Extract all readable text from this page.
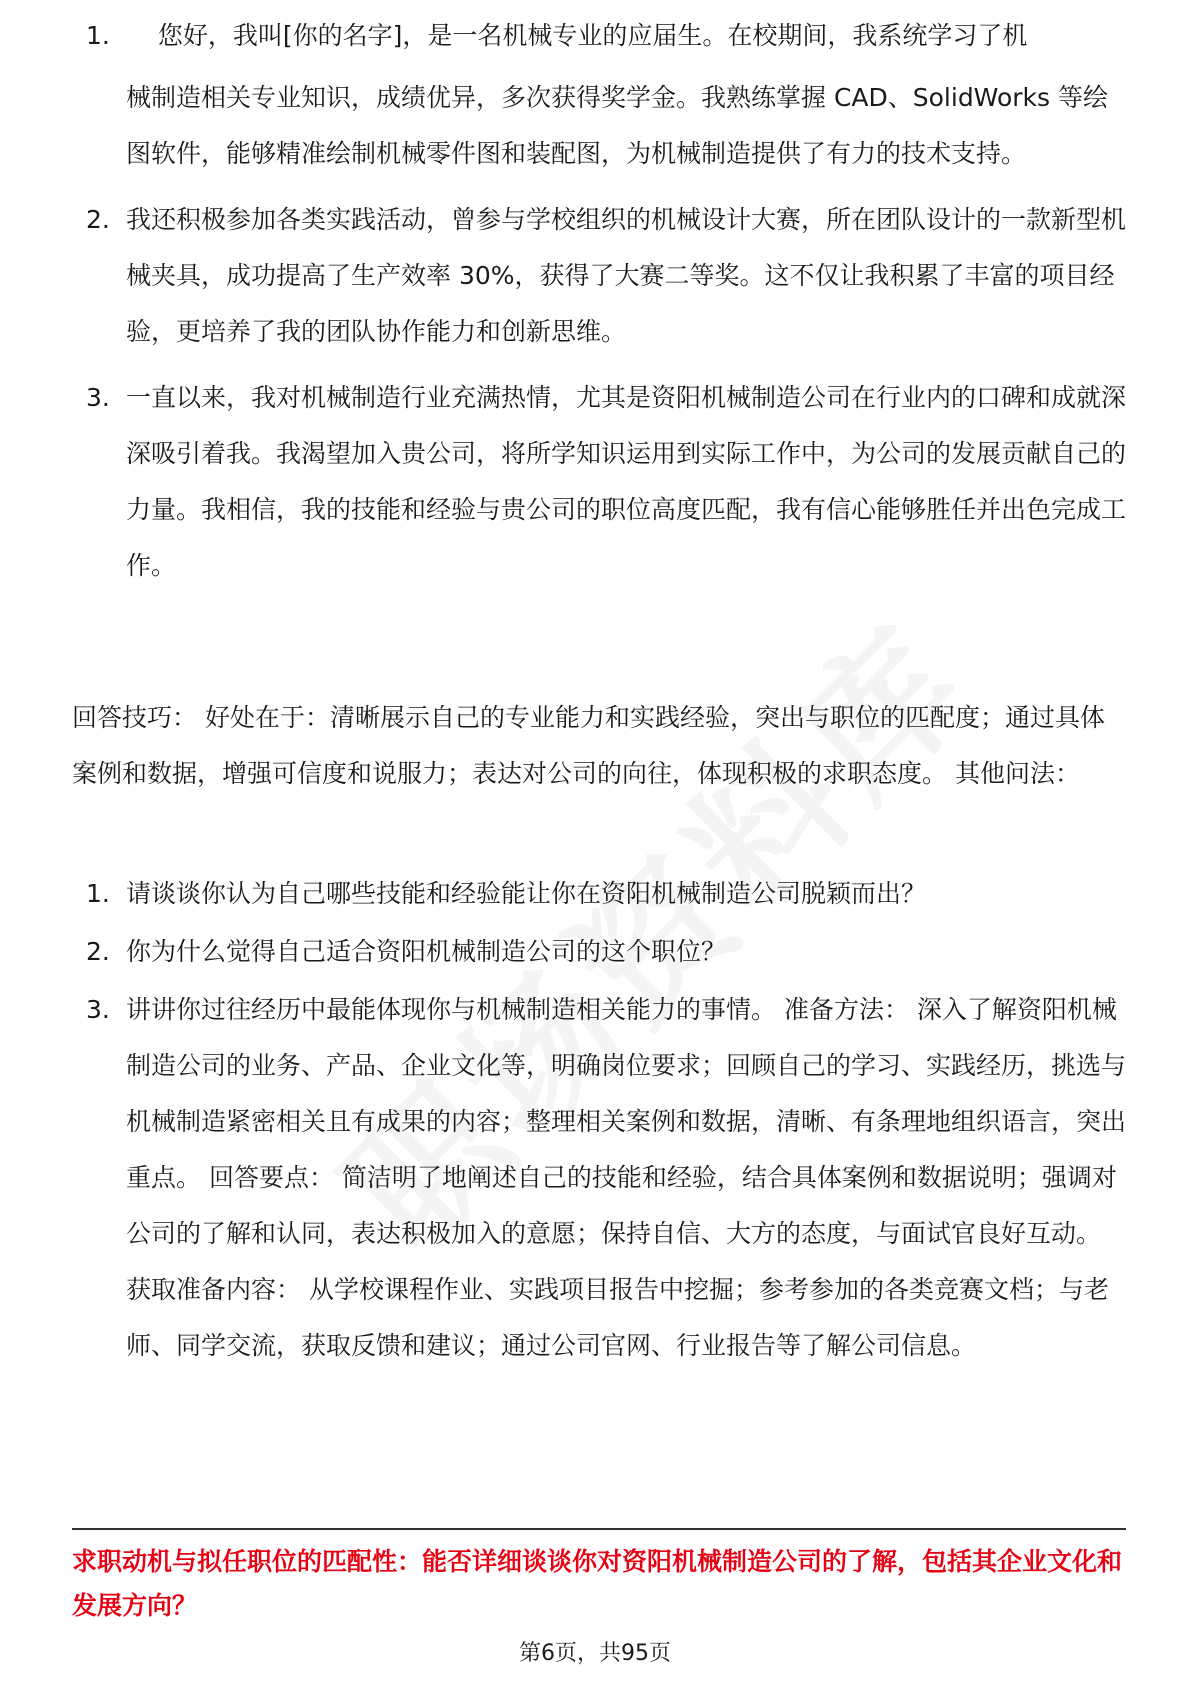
1. 您好，我叫[你的名字]，是一名机械专业的应届生。在校期间，我系统学习了机
械制造相关专业知识，成绩优异，多次获得奖学金。我熟练掌握 CAD、SolidWorks 等绘图软件，能够精准绘制机械零件图和装配图，为机械制造提供了有力的技术支持。
2. 我还积极参加各类实践活动，曾参与学校组织的机械设计大赛，所在团队设计的一款新型机械夹具，成功提高了生产效率 30%，获得了大赛二等奖。这不仅让我积累了丰富的项目经验，更培养了我的团队协作能力和创新思维。
3. 一直以来，我对机械制造行业充满热情，尤其是资阳机械制造公司在行业内的口碑和成就深深吸引着我。我渴望加入贵公司，将所学知识运用到实际工作中，为公司的发展贡献自己的力量。我相信，我的技能和经验与贵公司的职位高度匹配，我有信心能够胜任并出色完成工作。

回答技巧： 好处在于：清晰展示自己的专业能力和实践经验，突出与职位的匹配度；通过具体案例和数据，增强可信度和说服力；表达对公司的向往，体现积极的求职态度。 其他问法：

1. 请谈谈你认为自己哪些技能和经验能让你在资阳机械制造公司脱颖而出？
2. 你为什么觉得自己适合资阳机械制造公司的这个职位？
3. 讲讲你过往经历中最能体现你与机械制造相关能力的事情。 准备方法： 深入了解资阳机械制造公司的业务、产品、企业文化等，明确岗位要求；回顾自己的学习、实践经历，挑选与机械制造紧密相关且有成果的内容；整理相关案例和数据，清晰、有条理地组织语言，突出重点。 回答要点： 简洁明了地阐述自己的技能和经验，结合具体案例和数据说明；强调对公司的了解和认同，表达积极加入的意愿；保持自信、大方的态度，与面试官良好互动。 获取准备内容： 从学校课程作业、实践项目报告中挖掘；参考参加的各类竞赛文档；与老师、同学交流，获取反馈和建议；通过公司官网、行业报告等了解公司信息。
求职动机与拟任职位的匹配性：能否详细谈谈你对资阳机械制造公司的了解，包括其企业文化和发展方向？
第6页，共95页
